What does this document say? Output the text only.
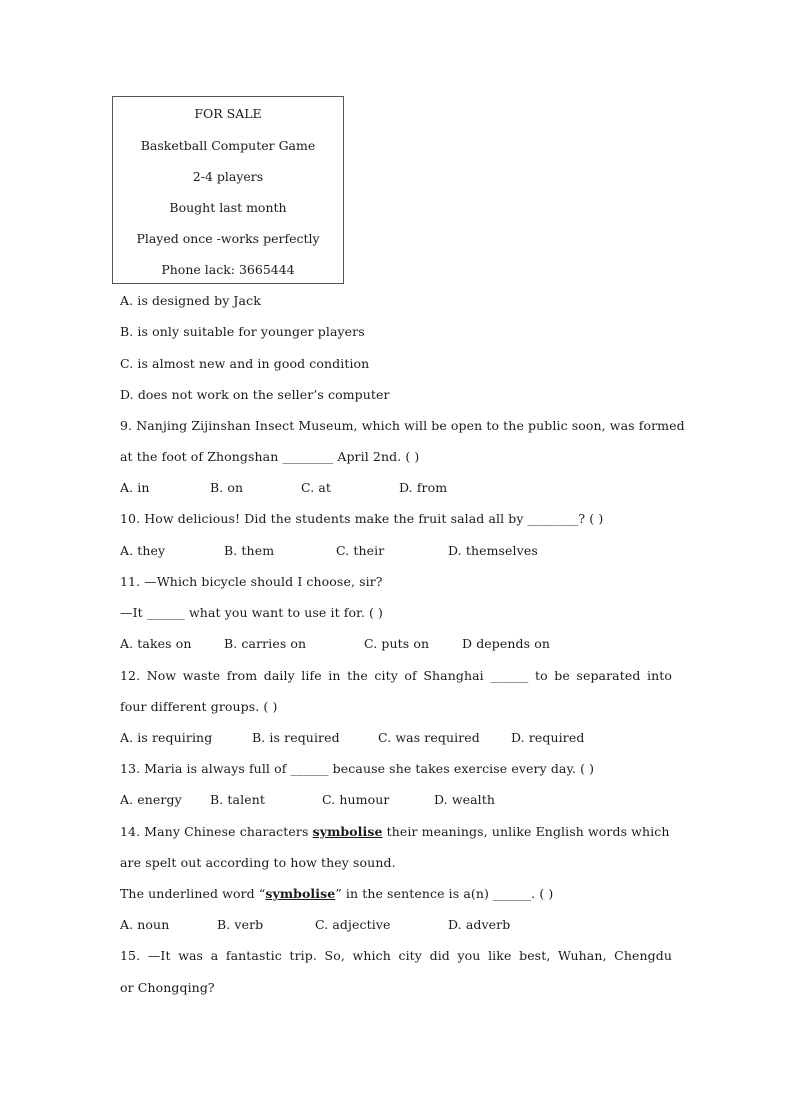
FOR SALE
Basketball Computer Game
2-4 players
Bought last month
Played once -works perfectly
Phone lack: 3665444
A. is designed by Jack
B. is only suitable for younger players
C. is almost new and in good condition
D. does not work on the seller’s computer
9. Nanjing Zijinshan Insect Museum, which will be open to the public soon, was formed
at the foot of Zhongshan ________ April 2nd. ( )
A. in	B. on	C. at	D. from
10. How delicious! Did the students make the fruit salad all by ________? ( )
A. they	B. them	C. their	D. themselves
11. —Which bicycle should I choose, sir?
—It ______ what you want to use it for. ( )
A. takes on	B. carries on	C. puts on	D depends on
12. Now waste from daily life in the city of Shanghai ______ to be separated into
four different groups. ( )
A. is requiring	B. is required	C. was required D. required
13. Maria is always full of ______ because she takes exercise every day. ( )
A. energy B. talent	C. humour	D. wealth
14. Many Chinese characters symbolise their meanings, unlike English words which
are spelt out according to how they sound.
The underlined word “symbolise” in the sentence is a(n) ______. ( )
A. noun	B. verb	C. adjective	D. adverb
15. —It was a fantastic trip. So, which city did you like best, Wuhan, Chengdu
or Chongqing?
